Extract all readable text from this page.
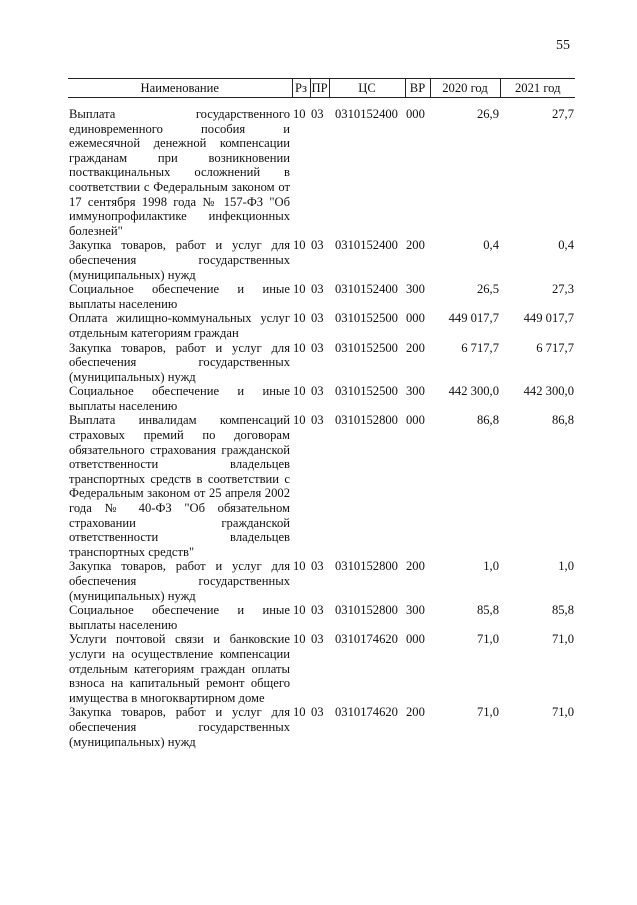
55
Наименование	Рз	ПР	ЦС	ВР	2020 год	2021 год
Выплата государственного единовременного пособия и ежемесячной денежной компенсации гражданам при возникновении поствакцинальных осложнений в соответствии с Федеральным законом от 17 сентября 1998 года № 157-ФЗ "Об иммунопрофилактике инфекционных болезней"	10	03	0310152400	000	26,9	27,7
Закупка товаров, работ и услуг для обеспечения государственных (муниципальных) нужд	10	03	0310152400	200	0,4	0,4
Социальное обеспечение и иные выплаты населению	10	03	0310152400	300	26,5	27,3
Оплата жилищно-коммунальных услуг отдельным категориям граждан	10	03	0310152500	000	449 017,7	449 017,7
Закупка товаров, работ и услуг для обеспечения государственных (муниципальных) нужд	10	03	0310152500	200	6 717,7	6 717,7
Социальное обеспечение и иные выплаты населению	10	03	0310152500	300	442 300,0	442 300,0
Выплата инвалидам компенсаций страховых премий по договорам обязательного страхования гражданской ответственности владельцев транспортных средств в соответствии с Федеральным законом от 25 апреля 2002 года № 40-ФЗ "Об обязательном страховании гражданской ответственности владельцев транспортных средств"	10	03	0310152800	000	86,8	86,8
Закупка товаров, работ и услуг для обеспечения государственных (муниципальных) нужд	10	03	0310152800	200	1,0	1,0
Социальное обеспечение и иные выплаты населению	10	03	0310152800	300	85,8	85,8
Услуги почтовой связи и банковские услуги на осуществление компенсации отдельным категориям граждан оплаты взноса на капитальный ремонт общего имущества в многоквартирном доме	10	03	0310174620	000	71,0	71,0
Закупка товаров, работ и услуг для обеспечения государственных (муниципальных) нужд	10	03	0310174620	200	71,0	71,0
